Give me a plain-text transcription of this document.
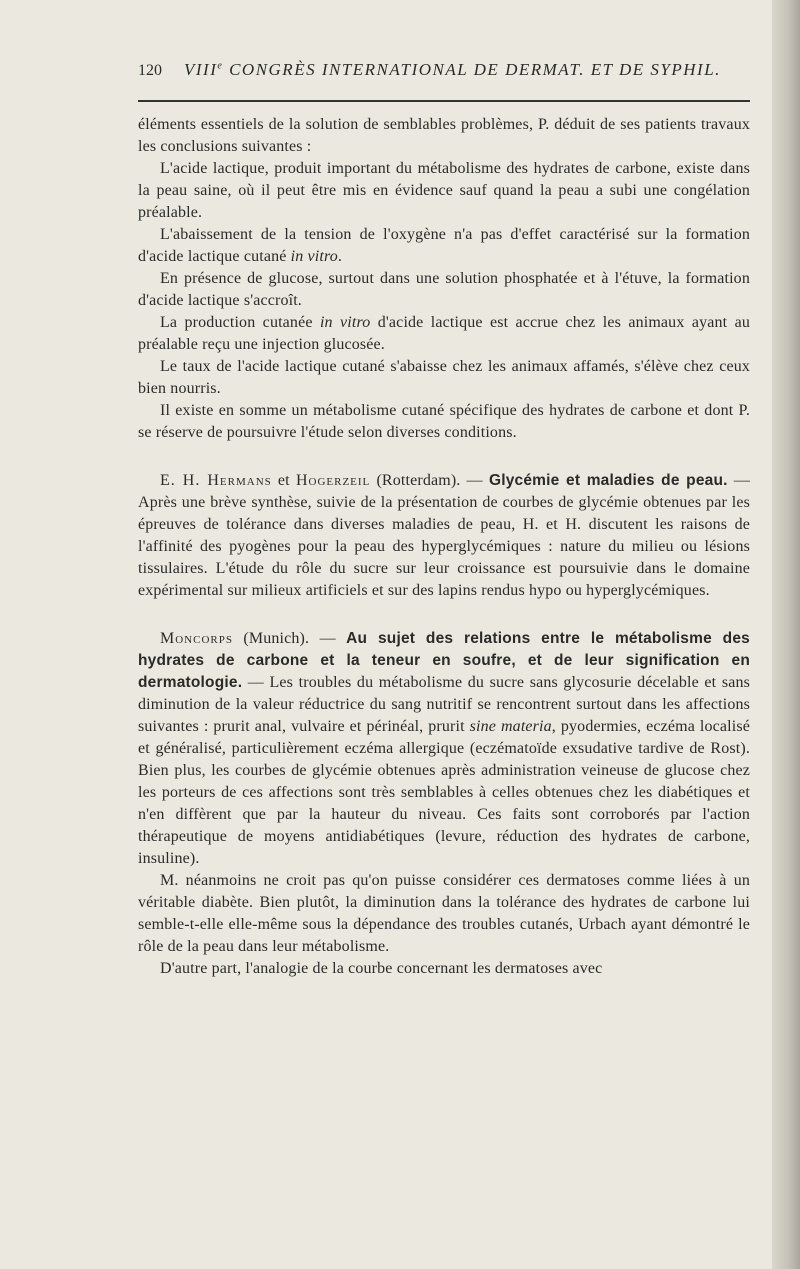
120 VIIIe CONGRÈS INTERNATIONAL DE DERMAT. ET DE SYPHIL.

éléments essentiels de la solution de semblables problèmes, P. déduit de ses patients travaux les conclusions suivantes :

L'acide lactique, produit important du métabolisme des hydrates de carbone, existe dans la peau saine, où il peut être mis en évidence sauf quand la peau a subi une congélation préalable.

L'abaissement de la tension de l'oxygène n'a pas d'effet caractérisé sur la formation d'acide lactique cutané in vitro.

En présence de glucose, surtout dans une solution phosphatée et à l'étuve, la formation d'acide lactique s'accroît.

La production cutanée in vitro d'acide lactique est accrue chez les animaux ayant au préalable reçu une injection glucosée.

Le taux de l'acide lactique cutané s'abaisse chez les animaux affamés, s'élève chez ceux bien nourris.

Il existe en somme un métabolisme cutané spécifique des hydrates de carbone et dont P. se réserve de poursuivre l'étude selon diverses conditions.

E. H. Hermans et Hogerzeil (Rotterdam). — Glycémie et maladies de peau. — Après une brève synthèse, suivie de la présentation de courbes de glycémie obtenues par les épreuves de tolérance dans diverses maladies de peau, H. et H. discutent les raisons de l'affinité des pyogènes pour la peau des hyperglycémiques : nature du milieu ou lésions tissulaires. L'étude du rôle du sucre sur leur croissance est poursuivie dans le domaine expérimental sur milieux artificiels et sur des lapins rendus hypo ou hyperglycémiques.

Moncorps (Munich). — Au sujet des relations entre le métabolisme des hydrates de carbone et la teneur en soufre, et de leur signification en dermatologie. — Les troubles du métabolisme du sucre sans glycosurie décelable et sans diminution de la valeur réductrice du sang nutritif se rencontrent surtout dans les affections suivantes : prurit anal, vulvaire et périnéal, prurit sine materia, pyodermies, eczéma localisé et généralisé, particulièrement eczéma allergique (eczématoïde exsudative tardive de Rost). Bien plus, les courbes de glycémie obtenues après administration veineuse de glucose chez les porteurs de ces affections sont très semblables à celles obtenues chez les diabétiques et n'en diffèrent que par la hauteur du niveau. Ces faits sont corroborés par l'action thérapeutique de moyens antidiabétiques (levure, réduction des hydrates de carbone, insuline).

M. néanmoins ne croit pas qu'on puisse considérer ces dermatoses comme liées à un véritable diabète. Bien plutôt, la diminution dans la tolérance des hydrates de carbone lui semble-t-elle elle-même sous la dépendance des troubles cutanés, Urbach ayant démontré le rôle de la peau dans leur métabolisme.

D'autre part, l'analogie de la courbe concernant les dermatoses avec
